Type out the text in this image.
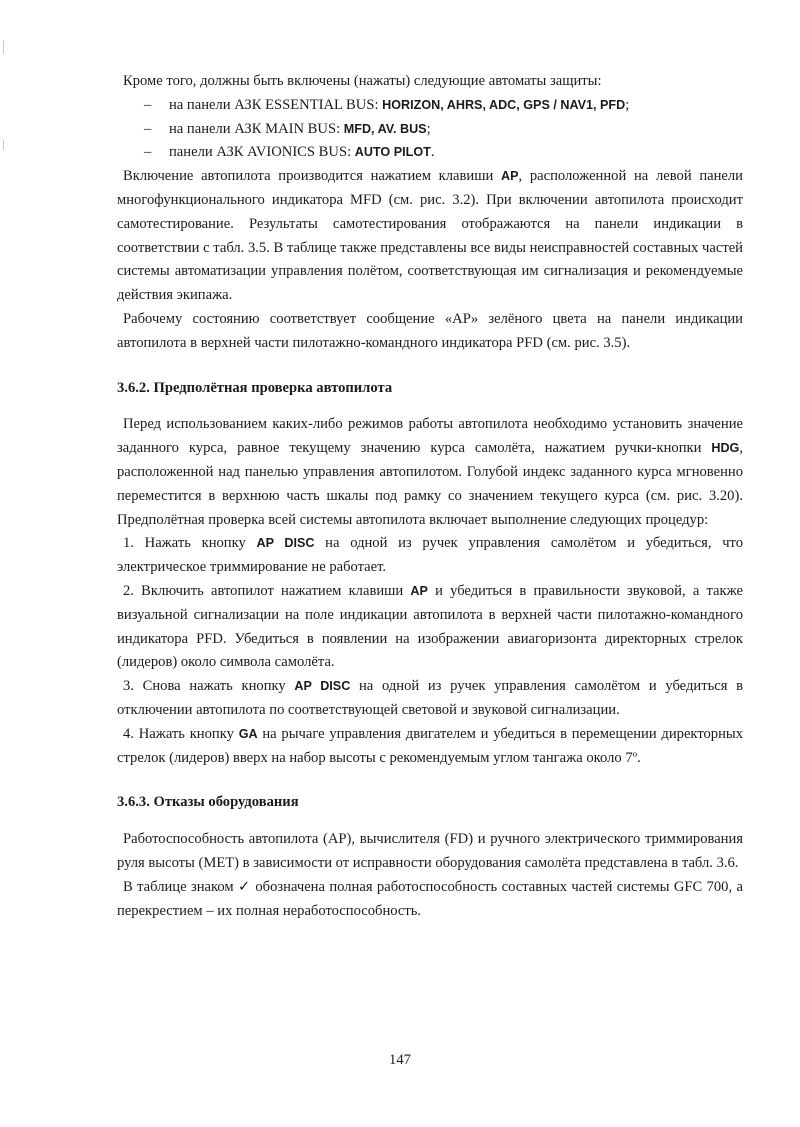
Кроме того, должны быть включены (нажаты) следующие автоматы защиты:

– на панели АЗК ESSENTIAL BUS: HORIZON, AHRS, ADC, GPS / NAV1, PFD;
– на панели АЗК MAIN BUS: MFD, AV. BUS;
– панели АЗК AVIONICS BUS: AUTO PILOT.

Включение автопилота производится нажатием клавиши AP, расположенной на левой панели многофункционального индикатора MFD (см. рис. 3.2). При включении автопилота происходит самотестирование. Результаты самотестирования отображаются на панели индикации в соответствии с табл. 3.5. В таблице также представлены все виды неисправностей составных частей системы автоматизации управления полётом, соответствующая им сигнализация и рекомендуемые действия экипажа.

Рабочему состоянию соответствует сообщение «AP» зелёного цвета на панели индикации автопилота в верхней части пилотажно-командного индикатора PFD (см. рис. 3.5).

3.6.2. Предполётная проверка автопилота

Перед использованием каких-либо режимов работы автопилота необходимо установить значение заданного курса, равное текущему значению курса самолёта, нажатием ручки-кнопки HDG, расположенной над панелью управления автопилотом. Голубой индекс заданного курса мгновенно переместится в верхнюю часть шкалы под рамку со значением текущего курса (см. рис. 3.20). Предполётная проверка всей системы автопилота включает выполнение следующих процедур:

1. Нажать кнопку AP DISC на одной из ручек управления самолётом и убедиться, что электрическое триммирование не работает.

2. Включить автопилот нажатием клавиши AP и убедиться в правильности звуковой, а также визуальной сигнализации на поле индикации автопилота в верхней части пилотажно-командного индикатора PFD. Убедиться в появлении на изображении авиагоризонта директорных стрелок (лидеров) около символа самолёта.

3. Снова нажать кнопку AP DISC на одной из ручек управления самолётом и убедиться в отключении автопилота по соответствующей световой и звуковой сигнализации.

4. Нажать кнопку GA на рычаге управления двигателем и убедиться в перемещении директорных стрелок (лидеров) вверх на набор высоты с рекомендуемым углом тангажа около 7º.

3.6.3. Отказы оборудования

Работоспособность автопилота (AP), вычислителя (FD) и ручного электрического триммирования руля высоты (MET) в зависимости от исправности оборудования самолёта представлена в табл. 3.6.

В таблице знаком ✓ обозначена полная работоспособность составных частей системы GFC 700, а перекрестием – их полная неработоспособность.

147
